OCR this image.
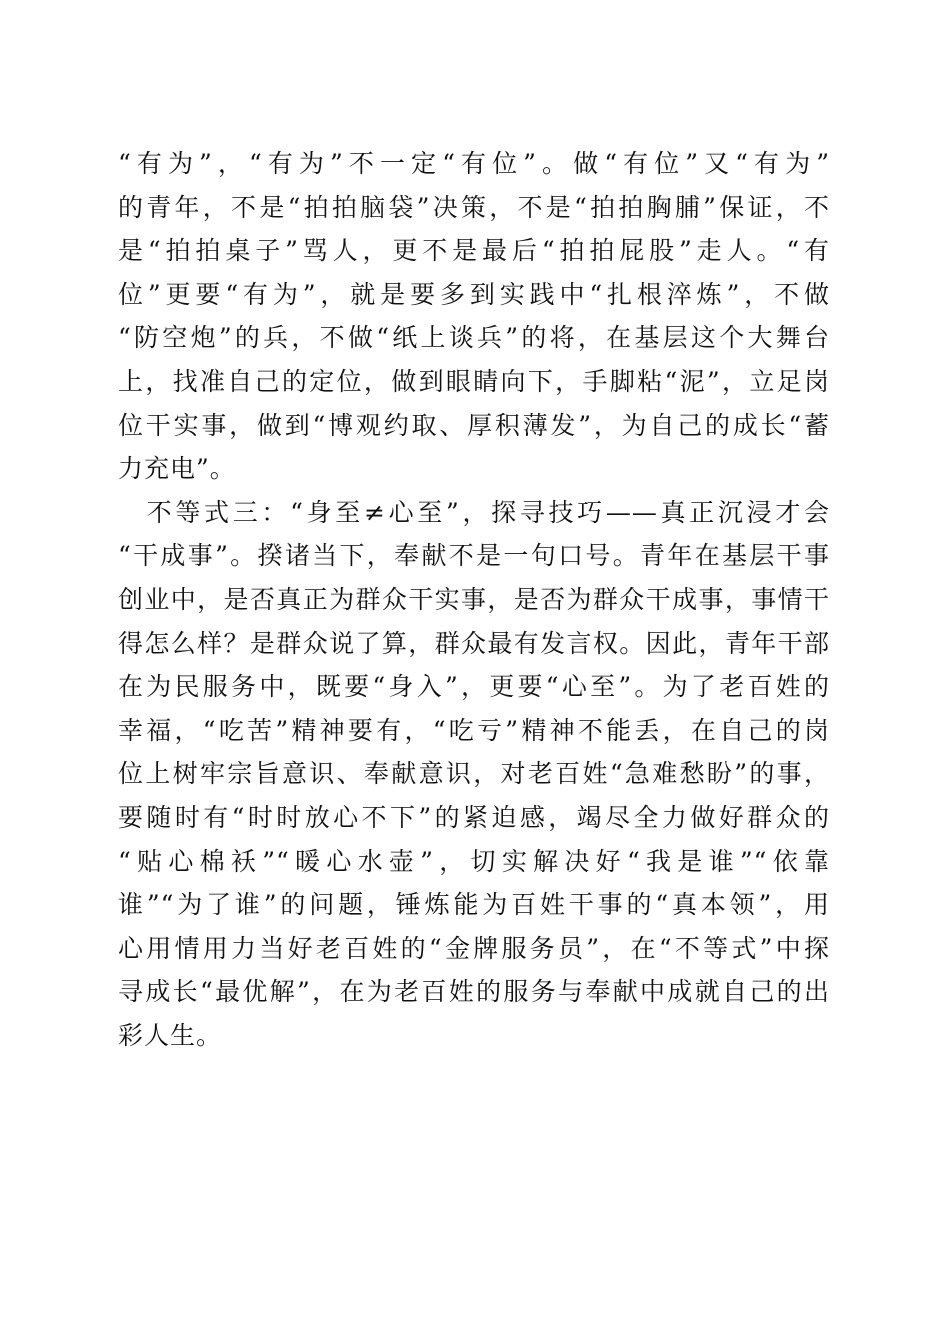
“有为”，“有为”不一定“有位”。做“有位”又“有为”
的青年，不是“拍拍脑袋”决策，不是“拍拍胸脯”保证，不
是“拍拍桌子”骂人，更不是最后“拍拍屁股”走人。“有
位”更要“有为”，就是要多到实践中“扎根淬炼”，不做
“防空炮”的兵，不做“纸上谈兵”的将，在基层这个大舞台
上，找准自己的定位，做到眼睛向下，手脚粘“泥”，立足岗
位干实事，做到“博观约取、厚积薄发”，为自己的成长“蓄
力充电”。
　不等式三：“身至≠心至”，探寻技巧——真正沉浸才会
“干成事”。揆诸当下，奉献不是一句口号。青年在基层干事
创业中，是否真正为群众干实事，是否为群众干成事，事情干
得怎么样？是群众说了算，群众最有发言权。因此，青年干部
在为民服务中，既要“身入”，更要“心至”。为了老百姓的
幸福，“吃苦”精神要有，“吃亏”精神不能丢，在自己的岗
位上树牢宗旨意识、奉献意识，对老百姓“急难愁盼”的事，
要随时有“时时放心不下”的紧迫感，竭尽全力做好群众的
“贴心棉袄”“暖心水壶”，切实解决好“我是谁”“依靠
谁”“为了谁”的问题，锤炼能为百姓干事的“真本领”，用
心用情用力当好老百姓的“金牌服务员”，在“不等式”中探
寻成长“最优解”，在为老百姓的服务与奉献中成就自己的出
彩人生。
